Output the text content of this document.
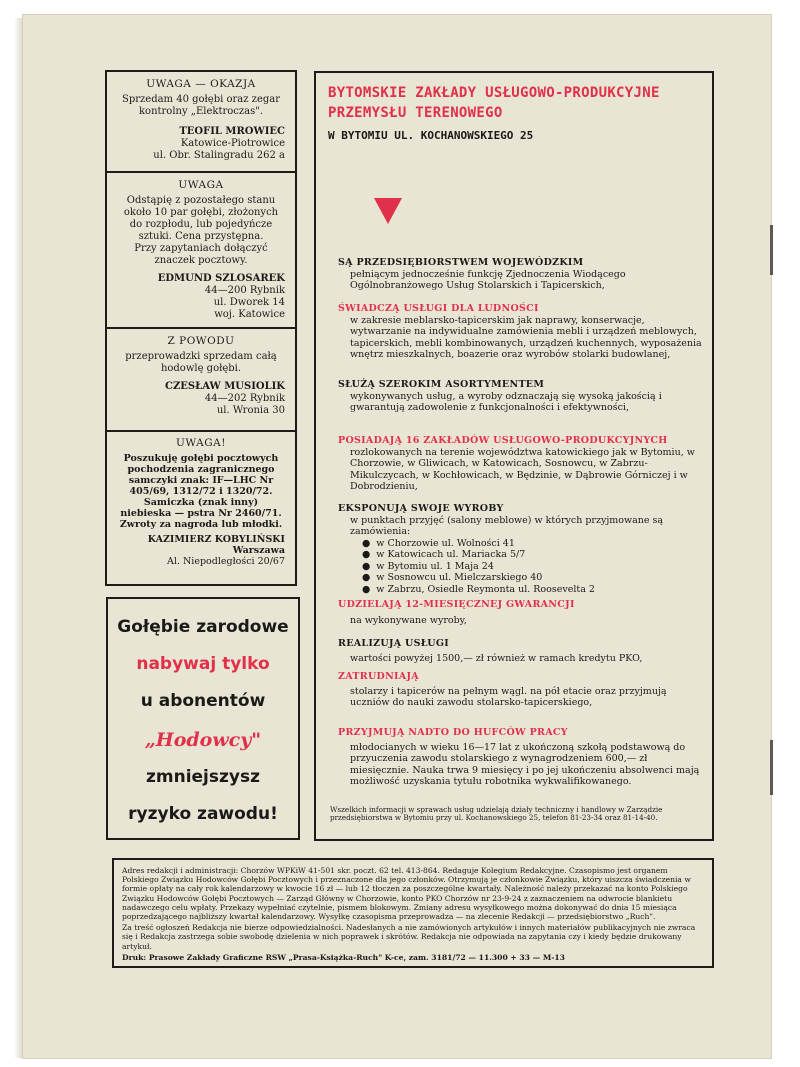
UWAGA — OKAZJA
Sprzedam 40 gołębi oraz zegar kontrolny „Elektroczas".
TEOFIL MROWIEC
Katowice-Piotrowice
ul. Obr. Stalingradu 262 a
UWAGA
Odstąpię z pozostałego stanu około 10 par gołębi, złożonych do rozpłodu, lub pojedyńcze sztuki. Cena przystępna.
Przy zapytaniach dołączyć znaczek pocztowy.
EDMUND SZLOSAREK
44—200 Rybnik
ul. Dworek 14
woj. Katowice
Z POWODU
przeprowadzki sprzedam całą hodowlę gołębi.
CZESŁAW MUSIOLIK
44—202 Rybnik
ul. Wronia 30
UWAGA!
Poszukuję gołębi pocztowych pochodzenia zagranicznego samczyki znak: IF—LHC Nr 405/69, 1312/72 i 1320/72. Samiczka (znak inny) niebieska — pstra Nr 2460/71. Zwroty za nagroda lub młodki.
KAZIMIERZ KOBYLIŃSKI
Warszawa
Al. Niepodległości 20/67
Gołębie zarodowe
nabywaj tylko
u abonentów
„Hodowcy"
zmniejszysz
ryzyko zawodu!
BYTOMSKIE ZAKŁADY USŁUGOWO-PRODUKCYJNE
PRZEMYSŁU TERENOWEGO
W BYTOMIU UL. KOCHANOWSKIEGO 25
SĄ PRZEDSIĘBIORSTWEM WOJEWÓDZKIM
pełniącym jednocześnie funkcję Zjednoczenia Wiodącego Ogólnobranżowego Usług Stolarskich i Tapicerskich,
ŚWIADCZĄ USŁUGI DLA LUDNOŚCI
w zakresie meblarsko-tapicerskim jak naprawy, konserwacje, wytwarzanie na indywidualne zamówienia mebli i urządzeń meblowych, tapicerskich, mebli kombinowanych, urządzeń kuchennych, wyposażenia wnętrz mieszkalnych, boazerie oraz wyrobów stolarki budowlanej,
SŁUŻĄ SZEROKIM ASORTYMENTEM
wykonywanych usług, a wyroby odznaczają się wysoką jakością i gwarantują zadowolenie z funkcjonalności i efektywności,
POSIADAJĄ 16 ZAKŁADÓW USŁUGOWO-PRODUKCYJNYCH
rozlokowanych na terenie województwa katowickiego jak w Bytomiu, w Chorzowie, w Gliwicach, w Katowicach, Sosnowcu, w Zabrzu-Mikulczycach, w Kochłowicach, w Będzinie, w Dąbrowie Górniczej i w Dobrodzieniu,
EKSPONUJĄ SWOJE WYROBY
w punktach przyjęć (salony meblowe) w których przyjmowane są zamówienia:
● w Chorzowie ul. Wolności 41
● w Katowicach ul. Mariacka 5/7
● w Bytomiu ul. 1 Maja 24
● w Sosnowcu ul. Mielczarskiego 40
● w Zabrzu, Osiedle Reymonta ul. Roosevelta 2
UDZIELAJĄ 12-MIESIĘCZNEJ GWARANCJI
na wykonywane wyroby,
REALIZUJĄ USŁUGI
wartości powyżej 1500,— zł również w ramach kredytu PKO,
ZATRUDNIAJĄ
stolarzy i tapicerów na pełnym wągl. na pół etacie oraz przyjmują uczniów do nauki zawodu stolarsko-tapicerskiego,
PRZYJMUJĄ NADTO DO HUFCÓW PRACY
młodocianych w wieku 16—17 lat z ukończoną szkołą podstawową do przyuczenia zawodu stolarskiego z wynagrodzeniem 600,— zł miesięcznie. Nauka trwa 9 miesięcy i po jej ukończeniu absolwenci mają możliwość uzyskania tytułu robotnika wykwalifikowanego.
Wszelkich informacji w sprawach usług udzielają działy techniczny i handlowy w Zarządzie przedsiębiorstwa w Bytomiu przy ul. Kochanowskiego 25, telefon 81-23-34 oraz 81-14-40.

Adres redakcji i administracji: Chorzów WPKiW 41-501 skr. poczt. 62 tel. 413-864. Redaguje Kolegium Redakcyjne. Czasopismo jest organem Polskiego Związku Hodowców Gołębi Pocztowych i przeznaczone dla jego członków. Otrzymują je członkowie Związku, który uiszcza świadczenia w formie opłaty na cały rok kalendarzowy w kwocie 16 zł — lub 12 tłoczen za poszczególne kwartały. Należność należy przekazać na konto Polskiego Związku Hodowców Gołębi Pocztowych — Zarząd Główny w Chorzowie, konto PKO Chorzów nr 23-9-24 z zaznaczeniem na odwrocie blankietu nadawczego celu wpłaty. Przekazy wypełniać czytelnie, pismem blokowym. Zmiany adresu wysyłkowego można dokonywać do dnia 15 miesiąca poprzedzającego najbliższy kwartał kalendarzowy. Wysyłkę czasopisma przeprowadza — na zlecenie Redakcji — przedsiębiorstwo „Ruch".

Za treść ogłoszeń Redakcja nie bierze odpowiedzialności. Nadesłanych a nie zamówionych artykułów i innych materiałów publikacyjnych nie zwraca się i Redakcja zastrzega sobie swobodę dzielenia w nich poprawek i skrótów. Redakcja nie odpowiada na zapytania czy i kiedy będzie drukowany artykuł.

Druk: Prasowe Zakłady Graficzne RSW „Prasa-Książka-Ruch" K-ce, zam. 3181/72 — 11.300 + 33 — M-13
